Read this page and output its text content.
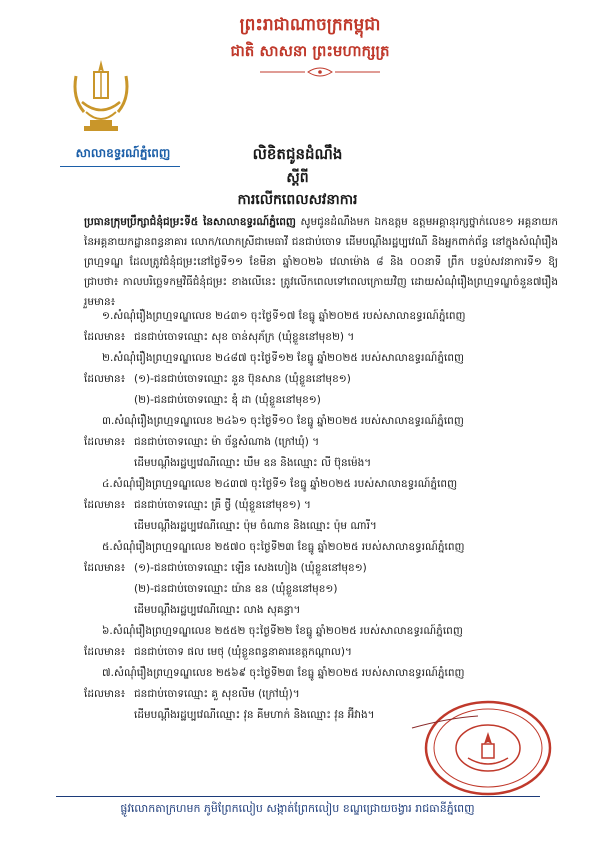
ព្រះរាជាណាចក្រកម្ពុជា
ជាតិ សាសនា ព្រះមហាក្សត្រ
សាលាឧទ្ធរណ៍ភ្នំពេញ	លិខិតជូនដំណឹង
ស្តីពី
ការលើកពេលសវនាការ
ប្រធានក្រុមប្រឹក្សាជំនុំជម្រះទី៥ នៃសាលាឧទ្ធរណ៍ភ្នំពេញ សូមជូនដំណឹងមក ឯកឧត្តម ឧត្តមអគ្គានុរក្សថ្នាក់លេខ១ អគ្គនាយកនៃអគ្គនាយកដ្ឋានពន្ធនាគារ លោក/លោកស្រីជាមេធាវី ជនជាប់ចោទ ដើមបណ្តឹងរដ្ឋប្បវេណី និងអ្នកពាក់ព័ន្ធ នៅក្នុងសំណុំរឿងព្រហ្មទណ្ឌ ដែលត្រូវជំនុំជម្រះនៅថ្ងៃទី១១ ខែមីនា ឆ្នាំ២០២៦ វេលាម៉ោង ៨ និង ០០នាទី ព្រឹក បន្ទប់សវនាការទី១ ឱ្យជ្រាបថា៖ កាលបរិច្ឆេទកម្មវិធីជំនុំជម្រះ ខាងលើនេះ ត្រូវលើកពេលទៅពេលក្រោយវិញ ដោយសំណុំរឿងព្រហ្មទណ្ឌចំនួន៧រឿង រួមមាន៖
១.សំណុំរឿងព្រហ្មទណ្ឌលេខ ២៤៣១ ចុះថ្ងៃទី១៧ ខែធ្នូ ឆ្នាំ២០២៥ របស់សាលាឧទ្ធរណ៍ភ្នំពេញ
ដែលមាន៖ ជនជាប់ចោទឈ្មោះ សុខ ចាន់សុភ័ក្រ (ឃុំខ្លួននៅមុខ២) ។
២.សំណុំរឿងព្រហ្មទណ្ឌលេខ ២៤៨៧ ចុះថ្ងៃទី១២ ខែធ្នូ ឆ្នាំ២០២៥ របស់សាលាឧទ្ធរណ៍ភ្នំពេញ
ដែលមាន៖ (១)-ជនជាប់ចោទឈ្មោះ នួន ប៊ុនសាន (ឃុំខ្លួននៅមុខ១)
(២)-ជនជាប់ចោទឈ្មោះ ឌុំ ដា (ឃុំខ្លួននៅមុខ១)
៣.សំណុំរឿងព្រហ្មទណ្ឌលេខ ២៤៦១ ចុះថ្ងៃទី១០ ខែធ្នូ ឆ្នាំ២០២៥ របស់សាលាឧទ្ធរណ៍ភ្នំពេញ
ដែលមាន៖ ជនជាប់ចោទឈ្មោះ ម៉ា ច័ន្ទសំណាង (ក្រៅឃុំ) ។
ដើមបណ្តឹងរដ្ឋប្បវេណីឈ្មោះ ឃឹម ឧន និងឈ្មោះ លី ប៊ុនម៉េង។
៤.សំណុំរឿងព្រហ្មទណ្ឌលេខ ២៤៣៧ ចុះថ្ងៃទី១ ខែធ្នូ ឆ្នាំ២០២៥ របស់សាលាឧទ្ធរណ៍ភ្នំពេញ
ដែលមាន៖ ជនជាប់ចោទឈ្មោះ គ្រី ថ្វី (ឃុំខ្លួននៅមុខ១) ។
ដើមបណ្តឹងរដ្ឋប្បវេណីឈ្មោះ ប៉ុម ចំណាន និងឈ្មោះ ប៉ុម ណារី។
៥.សំណុំរឿងព្រហ្មទណ្ឌលេខ ២៥៧០ ចុះថ្ងៃទី២៣ ខែធ្នូ ឆ្នាំ២០២៥ របស់សាលាឧទ្ធរណ៍ភ្នំពេញ
ដែលមាន៖ (១)-ជនជាប់ចោទឈ្មោះ ឡើន សេងហៀង (ឃុំខ្លួននៅមុខ១)
(២)-ជនជាប់ចោទឈ្មោះ យ៉ាន ឧន (ឃុំខ្លួននៅមុខ១)
ដើមបណ្តឹងរដ្ឋប្បវេណីឈ្មោះ លាង សុគន្ធា។
៦.សំណុំរឿងព្រហ្មទណ្ឌលេខ ២៥៥២ ចុះថ្ងៃទី២២ ខែធ្នូ ឆ្នាំ២០២៥ របស់សាលាឧទ្ធរណ៍ភ្នំពេញ
ដែលមាន៖ ជនជាប់ចោទ ផល មេថុ (ឃុំខ្លួនពន្ធនាគារខេត្តកណ្តាល)។
៧.សំណុំរឿងព្រហ្មទណ្ឌលេខ ២៥៦៩ ចុះថ្ងៃទី២៣ ខែធ្នូ ឆ្នាំ២០២៥ របស់សាលាឧទ្ធរណ៍ភ្នំពេញ
ដែលមាន៖ ជនជាប់ចោទឈ្មោះ គួ សុខលីម (ក្រៅឃុំ)។
ដើមបណ្តឹងរដ្ឋប្បវេណីឈ្មោះ វុន គីមហាក់ និងឈ្មោះ វុន អ៊ីវាង។
ផ្លូវលោកតាក្រហមក ភូមិព្រែកលៀប សង្កាត់ព្រែកលៀប ខណ្ឌជ្រោយចង្វារ រាជធានីភ្នំពេញ
